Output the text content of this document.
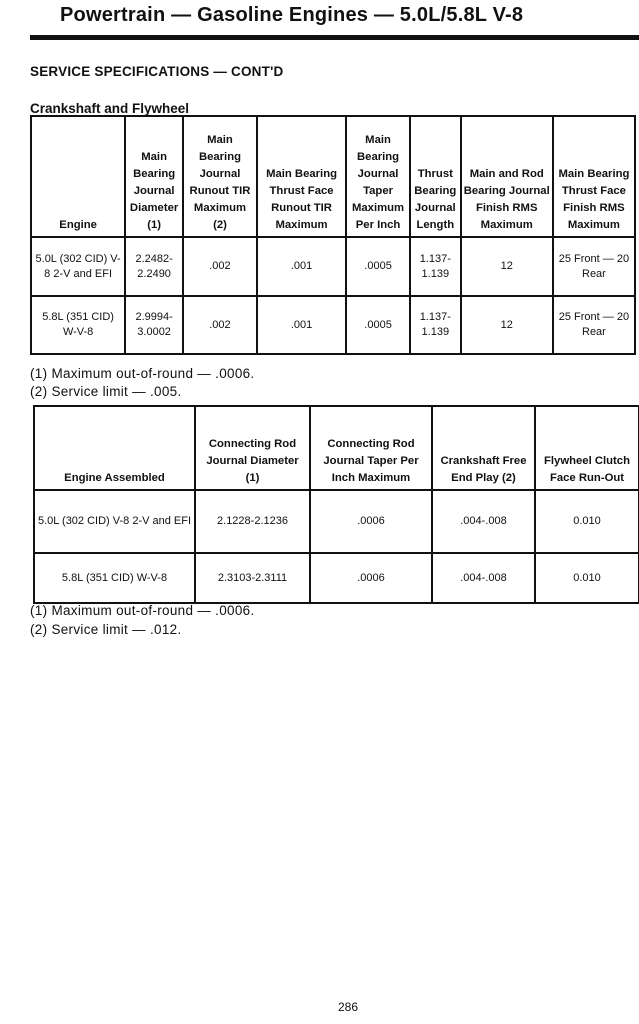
Powertrain — Gasoline Engines — 5.0L/5.8L V-8
SERVICE SPECIFICATIONS — CONT'D
Crankshaft and Flywheel
Engine	Main Bearing Journal Diameter (1)	Main Bearing Journal Runout TIR Maximum (2)	Main Bearing Thrust Face Runout TIR Maximum	Main Bearing Journal Taper Maximum Per Inch	Thrust Bearing Journal Length	Main and Rod Bearing Journal Finish RMS Maximum	Main Bearing Thrust Face Finish RMS Maximum
5.0L (302 CID) V-8 2-V and EFI	2.2482-2.2490	.002	.001	.0005	1.137-1.139	12	25 Front — 20 Rear
5.8L (351 CID) W-V-8	2.9994-3.0002	.002	.001	.0005	1.137-1.139	12	25 Front — 20 Rear
(1) Maximum out-of-round — .0006.
(2) Service limit — .005.
Engine Assembled	Connecting Rod Journal Diameter (1)	Connecting Rod Journal Taper Per Inch Maximum	Crankshaft Free End Play (2)	Flywheel Clutch Face Run-Out
5.0L (302 CID) V-8 2-V and EFI	2.1228-2.1236	.0006	.004-.008	0.010
5.8L (351 CID) W-V-8	2.3103-2.3111	.0006	.004-.008	0.010
(1) Maximum out-of-round — .0006.
(2) Service limit — .012.
286
